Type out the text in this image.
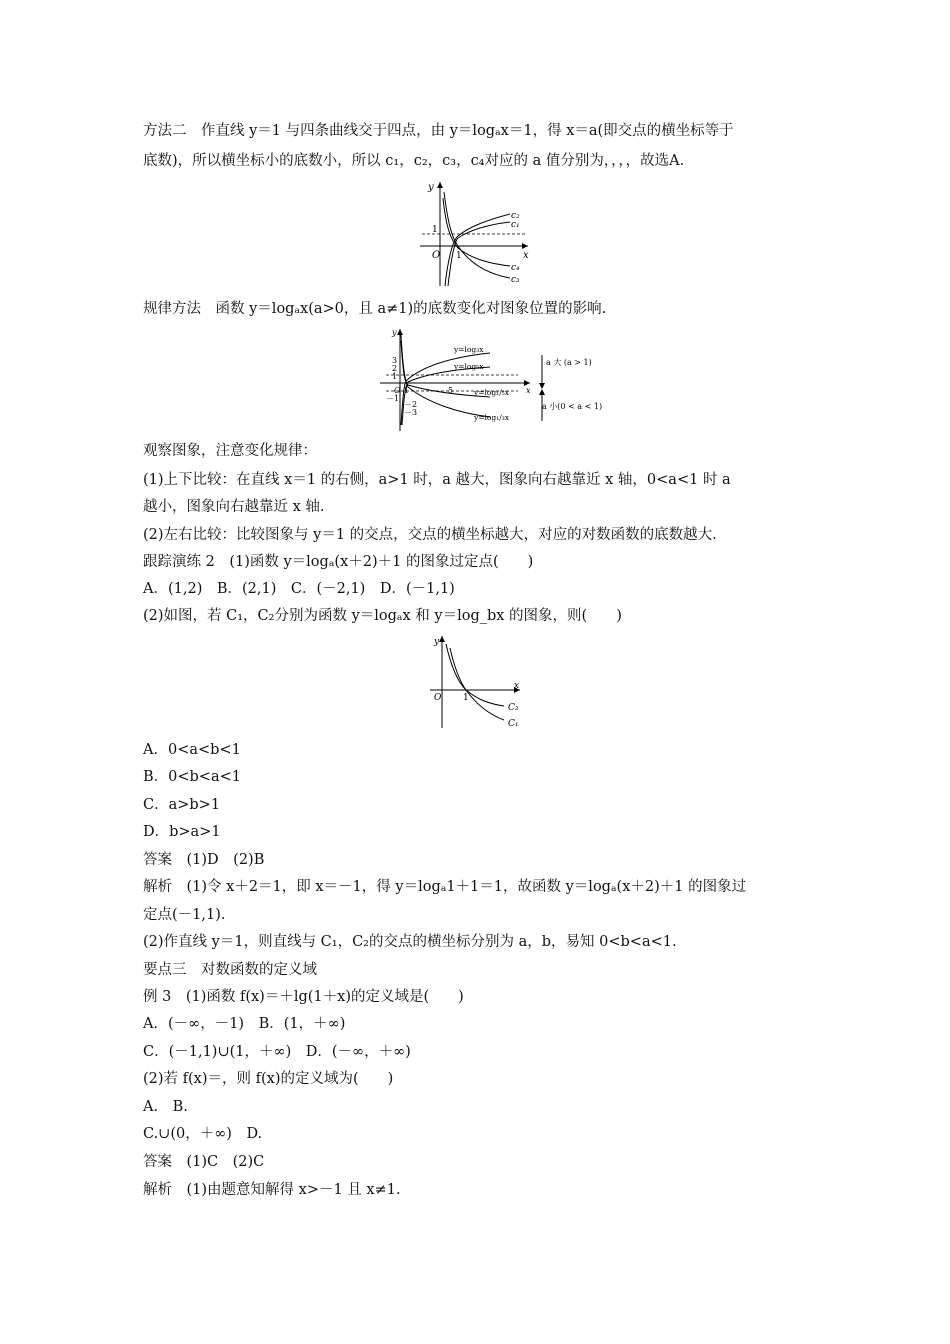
方法二　作直线 y＝1 与四条曲线交于四点，由 y＝logₐx＝1，得 x＝a(即交点的横坐标等于
底数)，所以横坐标小的底数小，所以 c₁，c₂，c₃，c₄对应的 a 值分别为，，，，故选A.
y
x
O
1
1
c₂
c₁
c₄
c₃
规律方法　函数 y＝logₐx(a>0，且 a≠1)的底数变化对图象位置的影响.
y
x
O
3
2
1
－1
－2
－3
1	5
y=log₃x
y=log₅x
y=log₁/₅x
y=log₁/₃x
a 大 (a > 1)
a 小(0 < a < 1)
观察图象，注意变化规律：
(1)上下比较：在直线 x＝1 的右侧，a>1 时，a 越大，图象向右越靠近 x 轴，0<a<1 时 a
越小，图象向右越靠近 x 轴.
(2)左右比较：比较图象与 y＝1 的交点，交点的横坐标越大，对应的对数函数的底数越大.
跟踪演练 2　(1)函数 y＝logₐ(x＋2)＋1 的图象过定点(　　)
A．(1,2)　B．(2,1)　C．(－2,1)　D．(－1,1)
(2)如图，若 C₁，C₂分别为函数 y＝logₐx 和 y＝log_bx 的图象，则(　　)
y
x
O 1
C₂
C₁
A．0<a<b<1
B．0<b<a<1
C．a>b>1
D．b>a>1
答案　(1)D　(2)B
解析　(1)令 x＋2＝1，即 x＝－1，得 y＝logₐ1＋1＝1，故函数 y＝logₐ(x＋2)＋1 的图象过
定点(－1,1).
(2)作直线 y＝1，则直线与 C₁，C₂的交点的横坐标分别为 a，b，易知 0<b<a<1.
要点三　对数函数的定义域
例 3　(1)函数 f(x)＝＋lg(1＋x)的定义域是(　　)
A．(－∞，－1)　B．(1，＋∞)
C．(－1,1)∪(1，＋∞)　D．(－∞，＋∞)
(2)若 f(x)＝，则 f(x)的定义域为(　　)
A.　B.
C.∪(0，＋∞)　D.
答案　(1)C　(2)C
解析　(1)由题意知解得 x>－1 且 x≠1.
